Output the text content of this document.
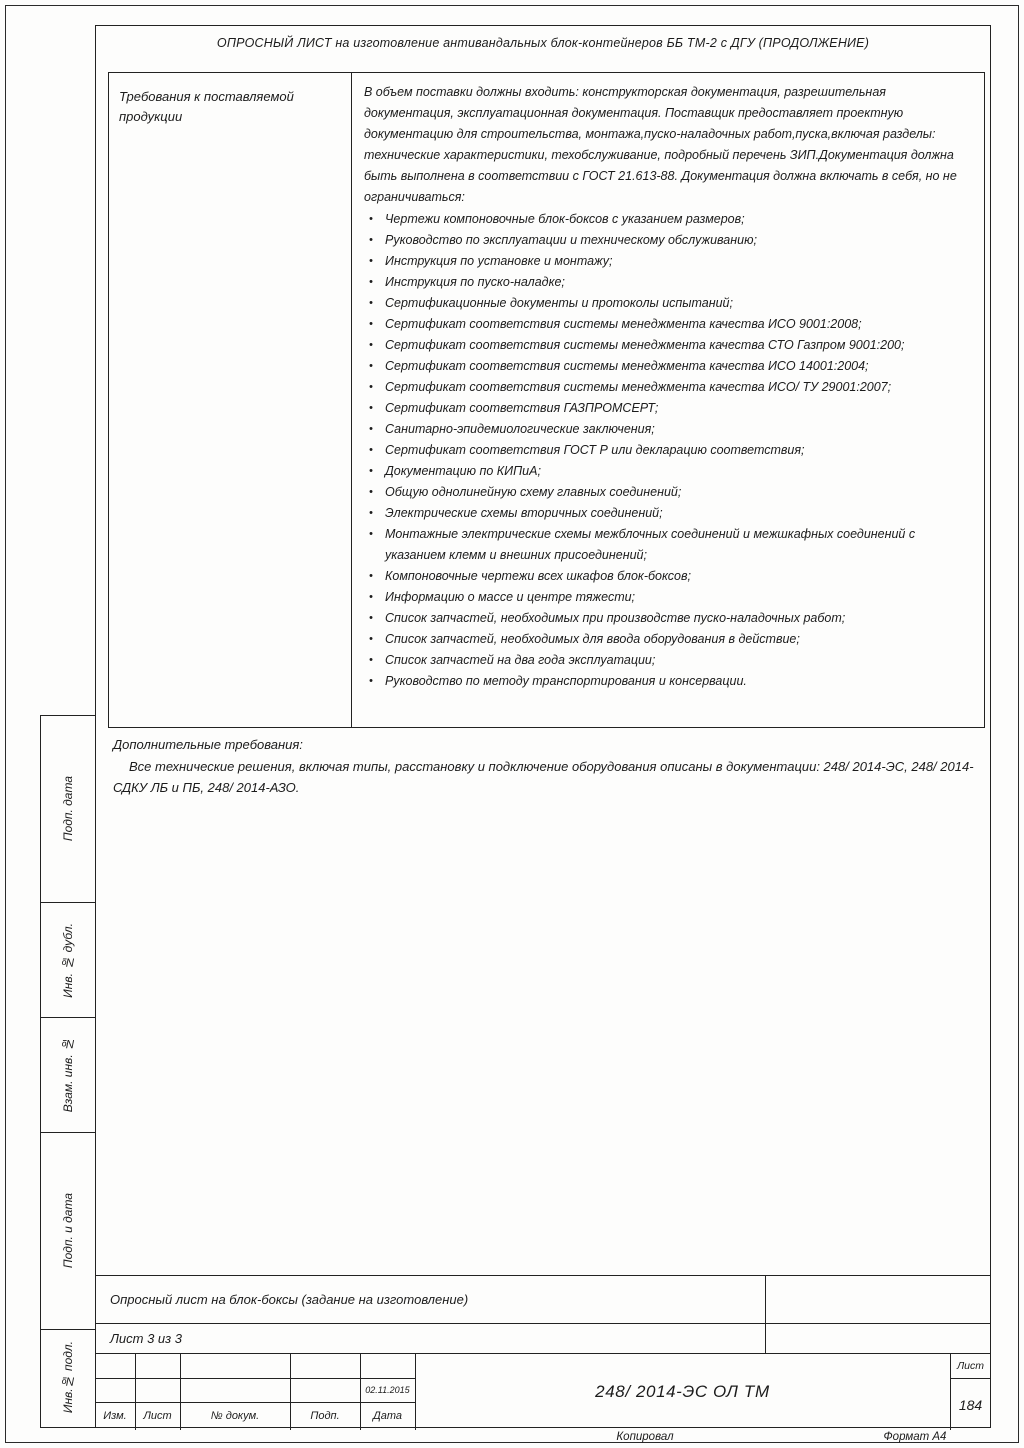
ОПРОСНЫЙ ЛИСТ на изготовление антивандальных блок-контейнеров ББ ТМ-2 с ДГУ (ПРОДОЛЖЕНИЕ)
Требования к поставляемой продукции

В объем поставки должны входить: конструкторская документация, разрешительная документация, эксплуатационная документация. Поставщик предоставляет проектную документацию для строительства, монтажа,пуско-наладочных работ,пуска,включая разделы: технические характеристики, техобслуживание, подробный перечень ЗИП.Документация должна быть выполнена в соответствии с ГОСТ 21.613-88. Документация должна включать в себя, но не ограничиваться:

• Чертежи компоновочные блок-боксов с указанием размеров;
• Руководство по эксплуатации и техническому обслуживанию;
• Инструкция по установке и монтажу;
• Инструкция по пуско-наладке;
• Сертификационные документы и протоколы испытаний;
• Сертификат соответствия системы менеджмента качества ИСО 9001:2008;
• Сертификат соответствия системы менеджмента качества СТО Газпром 9001:200;
• Сертификат соответствия системы менеджмента качества ИСО 14001:2004;
• Сертификат соответствия системы менеджмента качества ИСО/ ТУ 29001:2007;
• Сертификат соответствия ГАЗПРОМСЕРТ;
• Санитарно-эпидемиологические заключения;
• Сертификат соответствия ГОСТ Р или декларацию соответствия;
• Документацию по КИПиА;
• Общую однолинейную схему главных соединений;
• Электрические схемы вторичных соединений;
• Монтажные электрические схемы межблочных соединений и межшкафных соединений с указанием клемм и внешних присоединений;
• Компоновочные чертежи всех шкафов блок-боксов;
• Информацию о массе и центре тяжести;
• Список запчастей, необходимых при производстве пуско-наладочных работ;
• Список запчастей, необходимых для ввода оборудования в действие;
• Список запчастей на два года эксплуатации;
• Руководство по методу транспортирования и консервации.
Дополнительные требования:

Все технические решения, включая типы, расстановку и подключение оборудования описаны в документации: 248/ 2014-ЭС, 248/ 2014-СДКУ ЛБ и ПБ, 248/ 2014-АЗО.

Подп. дата
Инв. № дубл.
Взам. инв. №
Подп. и дата
Инв.№ подл.
Опросный лист на блок-боксы (задание на изготовление)
Лист 3 из 3
02.11.2015
Изм.	Лист	№ докум.	Подп.	Дата
248/ 2014-ЭС ОЛ ТМ
Лист
184
Копировал	Формат А4
